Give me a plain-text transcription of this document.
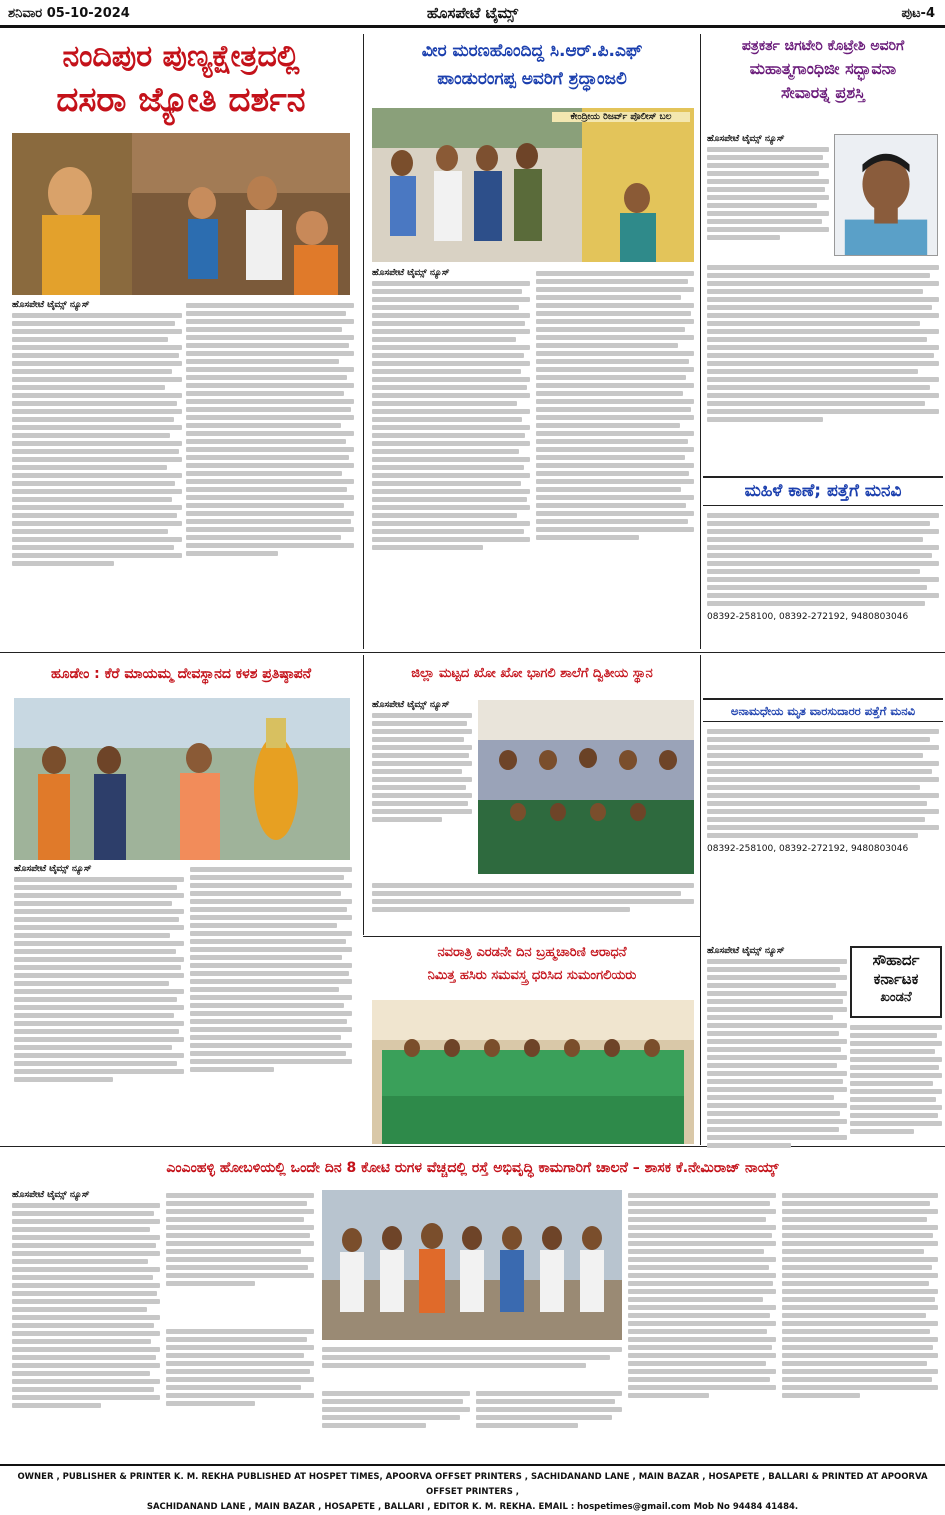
ಶನಿವಾರ 05-10-2024	ಹೊಸಪೇಟೆ ಟೈಮ್ಸ್	ಪುಟ-4
ನಂದಿಪುರ ಪುಣ್ಯಕ್ಷೇತ್ರದಲ್ಲಿ
ದಸರಾ ಜ್ಯೋತಿ ದರ್ಶನ
ಹೊಸಪೇಟೆ ಟೈಮ್ಸ್ ನ್ಯೂಸ್
ವೀರ ಮರಣಹೊಂದಿದ್ದ ಸಿ.ಆರ್.ಪಿ.ಎಫ್
ಪಾಂಡುರಂಗಪ್ಪ ಅವರಿಗೆ ಶ್ರದ್ಧಾಂಜಲಿ
ಕೇಂದ್ರೀಯ ರಿಜರ್ವ್ ಪೊಲೀಸ್ ಬಲ
ಹೊಸಪೇಟೆ ಟೈಮ್ಸ್ ನ್ಯೂಸ್
ಪತ್ರಕರ್ತ ಚಿಗಟೇರಿ ಕೊಟ್ರೇಶಿ ಅವರಿಗೆ
ಮಹಾತ್ಮಗಾಂಧಿಜೀ ಸದ್ಭಾವನಾ
ಸೇವಾರತ್ನ ಪ್ರಶಸ್ತಿ
ಹೊಸಪೇಟೆ ಟೈಮ್ಸ್ ನ್ಯೂಸ್
ಮಹಿಳೆ ಕಾಣೆ; ಪತ್ತೆಗೆ ಮನವಿ
08392-258100, 08392-272192, 9480803046
ಅನಾಮಧೇಯ ಮೃತ ವಾರಸುದಾರರ ಪತ್ತೆಗೆ ಮನವಿ
08392-258100, 08392-272192, 9480803046
ಹೂಡೇಂ : ಕೆರೆ ಮಾಯಮ್ಮ ದೇವಸ್ಥಾನದ ಕಳಶ ಪ್ರತಿಷ್ಠಾಪನೆ
ಹೊಸಪೇಟೆ ಟೈಮ್ಸ್ ನ್ಯೂಸ್
ಜಿಲ್ಲಾ ಮಟ್ಟದ ಖೋ ಖೋ ಭಾಗಲಿ ಶಾಲೆಗೆ ದ್ವಿತೀಯ ಸ್ಥಾನ
ಹೊಸಪೇಟೆ ಟೈಮ್ಸ್ ನ್ಯೂಸ್
ನವರಾತ್ರಿ ಎರಡನೇ ದಿನ ಬ್ರಹ್ಮಚಾರಿಣಿ ಆರಾಧನೆ
ನಿಮಿತ್ತ ಹಸಿರು ಸಮವಸ್ತ್ರ ಧರಿಸಿದ ಸುಮಂಗಲಿಯರು
ಹೊಸಪೇಟೆ ಟೈಮ್ಸ್ ನ್ಯೂಸ್	ಸೌಹಾರ್ದ
ಕರ್ನಾಟಕ
ಖಂಡನೆ
ಎಂಎಂಹಳ್ಳಿ ಹೋಬಳಿಯಲ್ಲಿ ಒಂದೇ ದಿನ 8 ಕೋಟಿ ರುಗಳ ವೆಚ್ಚದಲ್ಲಿ ರಸ್ತೆ ಅಭಿವೃದ್ಧಿ ಕಾಮಗಾರಿಗೆ ಚಾಲನೆ – ಶಾಸಕ ಕೆ.ನೇಮಿರಾಜ್ ನಾಯ್ಕ್
ಹೊಸಪೇಟೆ ಟೈಮ್ಸ್ ನ್ಯೂಸ್
OWNER , PUBLISHER & PRINTER K. M. REKHA PUBLISHED AT HOSPET TIMES, APOORVA OFFSET PRINTERS , SACHIDANAND LANE , MAIN BAZAR , HOSAPETE , BALLARI & PRINTED AT APOORVA OFFSET PRINTERS ,
SACHIDANAND LANE , MAIN BAZAR , HOSAPETE , BALLARI , EDITOR K. M. REKHA. EMAIL : hospetimes@gmail.com Mob No 94484 41484.
